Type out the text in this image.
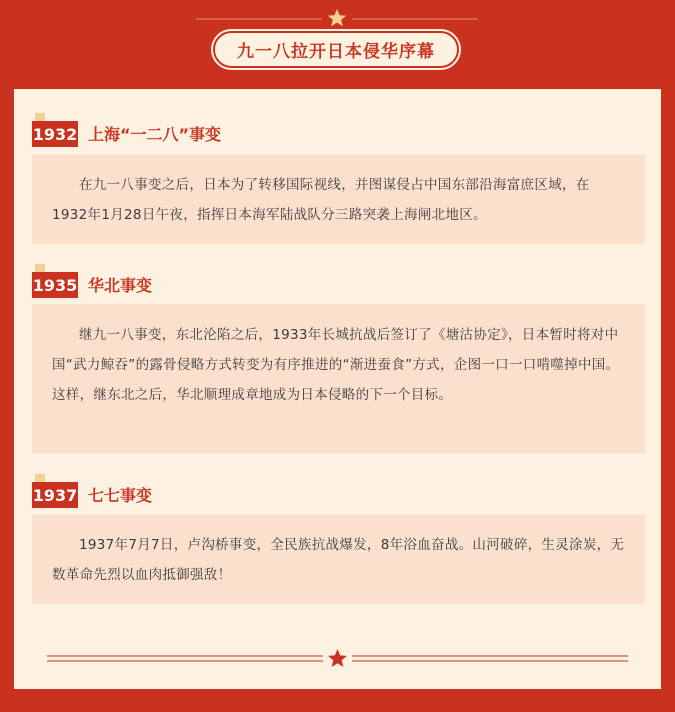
九一八拉开日本侵华序幕
1932 上海“一二八”事变

在九一八事变之后，日本为了转移国际视线，并图谋侵占中国东部沿海富庶区域，在1932年1月28日午夜，指挥日本海军陆战队分三路突袭上海闸北地区。

1935 华北事变

继九一八事变，东北沦陷之后，1933年长城抗战后签订了《塘沽协定》，日本暂时将对中国“武力鲸吞”的露骨侵略方式转变为有序推进的“渐进蚕食”方式，企图一口一口啃噬掉中国。这样，继东北之后，华北顺理成章地成为日本侵略的下一个目标。

1937 七七事变

1937年7月7日，卢沟桥事变，全民族抗战爆发，8年浴血奋战。山河破碎，生灵涂炭，无数革命先烈以血肉抵御强敌！
